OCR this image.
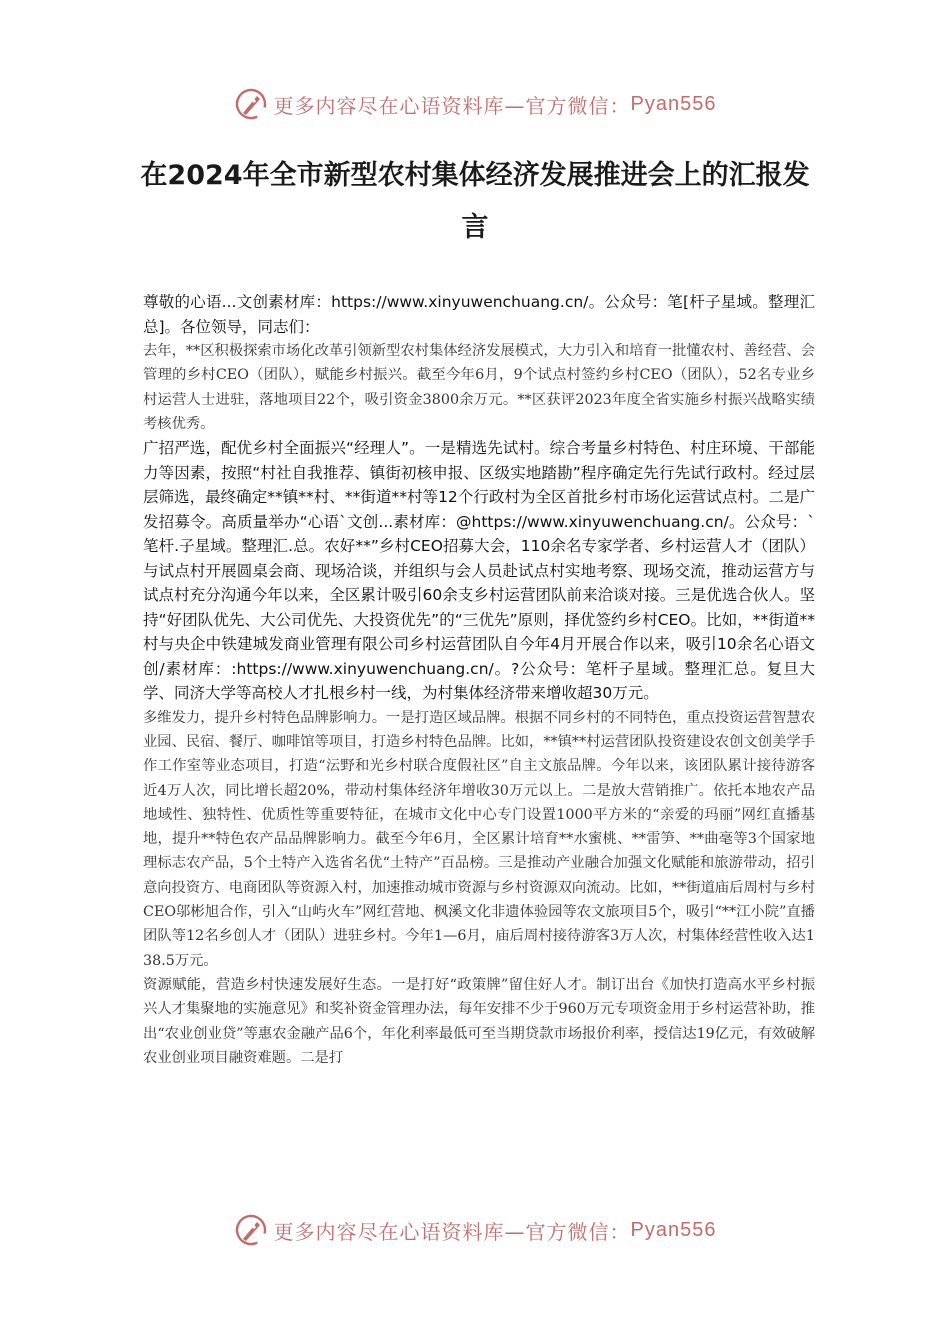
更多内容尽在心语资料库—官方微信： Pyan556
在2024年全市新型农村集体经济发展推进会上的汇报发言

尊敬的心语...文创素材库：https://www.xinyuwenchuang.cn/。公众号：笔[杆子星域。整理汇总]。各位领导，同志们：

去年，**区积极探索市场化改革引领新型农村集体经济发展模式，大力引入和培育一批懂农村、善经营、会管理的乡村CEO（团队），赋能乡村振兴。截至今年6月，9个试点村签约乡村CEO（团队），52名专业乡村运营人士进驻，落地项目22个，吸引资金3800余万元。**区获评2023年度全省实施乡村振兴战略实绩考核优秀。

广招严选，配优乡村全面振兴“经理人”。一是精选先试村。综合考量乡村特色、村庄环境、干部能力等因素，按照“村社自我推荐、镇街初核申报、区级实地踏勘”程序确定先行先试行政村。经过层层筛选，最终确定**镇**村、**街道**村等12个行政村为全区首批乡村市场化运营试点村。二是广发招募令。高质量举办“心语`文创...素材库：@https://www.xinyuwenchuang.cn/。公众号：`笔杆.子星域。整理汇.总。农好**”乡村CEO招募大会，110余名专家学者、乡村运营人才（团队）与试点村开展圆桌会商、现场洽谈，并组织与会人员赴试点村实地考察、现场交流，推动运营方与试点村充分沟通今年以来，全区累计吸引60余支乡村运营团队前来洽谈对接。三是优选合伙人。坚持“好团队优先、大公司优先、大投资优先”的“三优先”原则，择优签约乡村CEO。比如，**街道**村与央企中铁建城发商业管理有限公司乡村运营团队自今年4月开展合作以来，吸引10余名心语文创/素材库：:https://www.xinyuwenchuang.cn/。?公众号：笔杆子星域。整理汇总。复旦大学、同济大学等高校人才扎根乡村一线，为村集体经济带来增收超30万元。

多维发力，提升乡村特色品牌影响力。一是打造区域品牌。根据不同乡村的不同特色，重点投资运营智慧农业园、民宿、餐厅、咖啡馆等项目，打造乡村特色品牌。比如，**镇**村运营团队投资建设农创文创美学手作工作室等业态项目，打造“沄野和光乡村联合度假社区”自主文旅品牌。今年以来，该团队累计接待游客近4万人次，同比增长超20%，带动村集体经济年增收30万元以上。二是放大营销推广。依托本地农产品地域性、独特性、优质性等重要特征，在城市文化中心专门设置1000平方米的“亲爱的玛丽”网红直播基地，提升**特色农产品品牌影响力。截至今年6月，全区累计培育**水蜜桃、**雷笋、**曲毫等3个国家地理标志农产品，5个土特产入选省名优“土特产”百品榜。三是推动产业融合加强文化赋能和旅游带动，招引意向投资方、电商团队等资源入村，加速推动城市资源与乡村资源双向流动。比如，**街道庙后周村与乡村CEO邬彬旭合作，引入“山屿火车”网红营地、枫溪文化非遗体验园等农文旅项目5个，吸引“**江小院”直播团队等12名乡创人才（团队）进驻乡村。今年1—6月，庙后周村接待游客3万人次，村集体经营性收入达138.5万元。

资源赋能，营造乡村快速发展好生态。一是打好“政策牌”留住好人才。制订出台《加快打造高水平乡村振兴人才集聚地的实施意见》和奖补资金管理办法，每年安排不少于960万元专项资金用于乡村运营补助，推出“农业创业贷”等惠农金融产品6个，年化利率最低可至当期贷款市场报价利率，授信达19亿元，有效破解农业创业项目融资难题。二是打

更多内容尽在心语资料库—官方微信： Pyan556
